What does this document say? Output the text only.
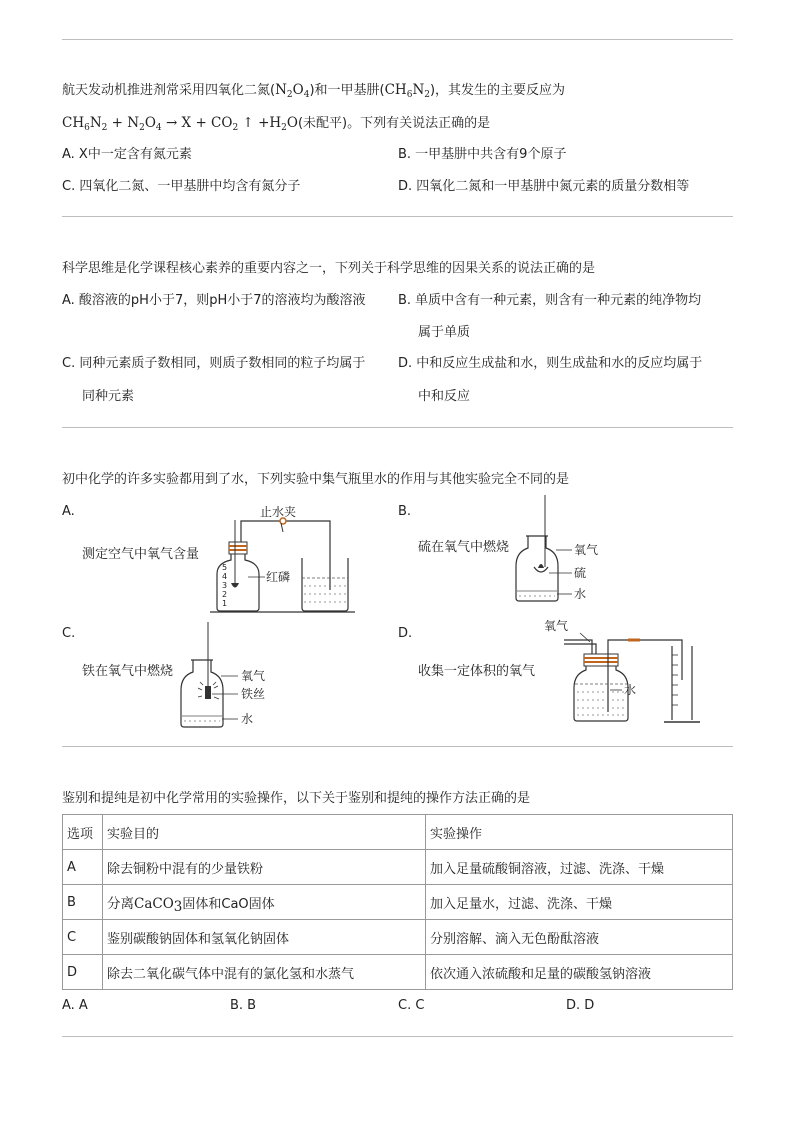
航天发动机推进剂常采用四氧化二氮$(N_2O_4)$和一甲基肼$(CH_6N_2)$，其发生的主要反应为
$CH_6N_2 + N_2O_4 \to X + CO_2$ ↑ $+H_2O$(未配平)。下列有关说法正确的是
A. X中一定含有氮元素	B. 一甲基肼中共含有9个原子
C. 四氧化二氮、一甲基肼中均含有氮分子	D. 四氧化二氮和一甲基肼中氮元素的质量分数相等
科学思维是化学课程核心素养的重要内容之一，下列关于科学思维的因果关系的说法正确的是
A. 酸溶液的pH小于7，则pH小于7的溶液均为酸溶液 B. 单质中含有一种元素，则含有一种元素的纯净物均
属于单质
C. 同种元素质子数相同，则质子数相同的粒子均属于
同种元素
D. 中和反应生成盐和水，则生成盐和水的反应均属于
中和反应
初中化学的许多实验都用到了水，下列实验中集气瓶里水的作用与其他实验完全不同的是
A.
测定空气中氧气含量
5
4
3
2
1
止水夹
红磷
B.
硫在氧气中燃烧	氧气
硫
水
C.
铁在氧气中燃烧	氧气
铁丝
水
D.
收集一定体积的氧气
氧气
水
鉴别和提纯是初中化学常用的实验操作，以下关于鉴别和提纯的操作方法正确的是
选项	实验目的	实验操作
A	除去铜粉中混有的少量铁粉	加入足量硫酸铜溶液，过滤、洗涤、干燥
B	分离CaCO$_3$固体和CaO固体	加入足量水，过滤、洗涤、干燥
C	鉴别碳酸钠固体和氢氧化钠固体	分别溶解、滴入无色酚酞溶液
D	除去二氧化碳气体中混有的氯化氢和水蒸气	依次通入浓硫酸和足量的碳酸氢钠溶液
A. A	B. B	C. C	D. D
